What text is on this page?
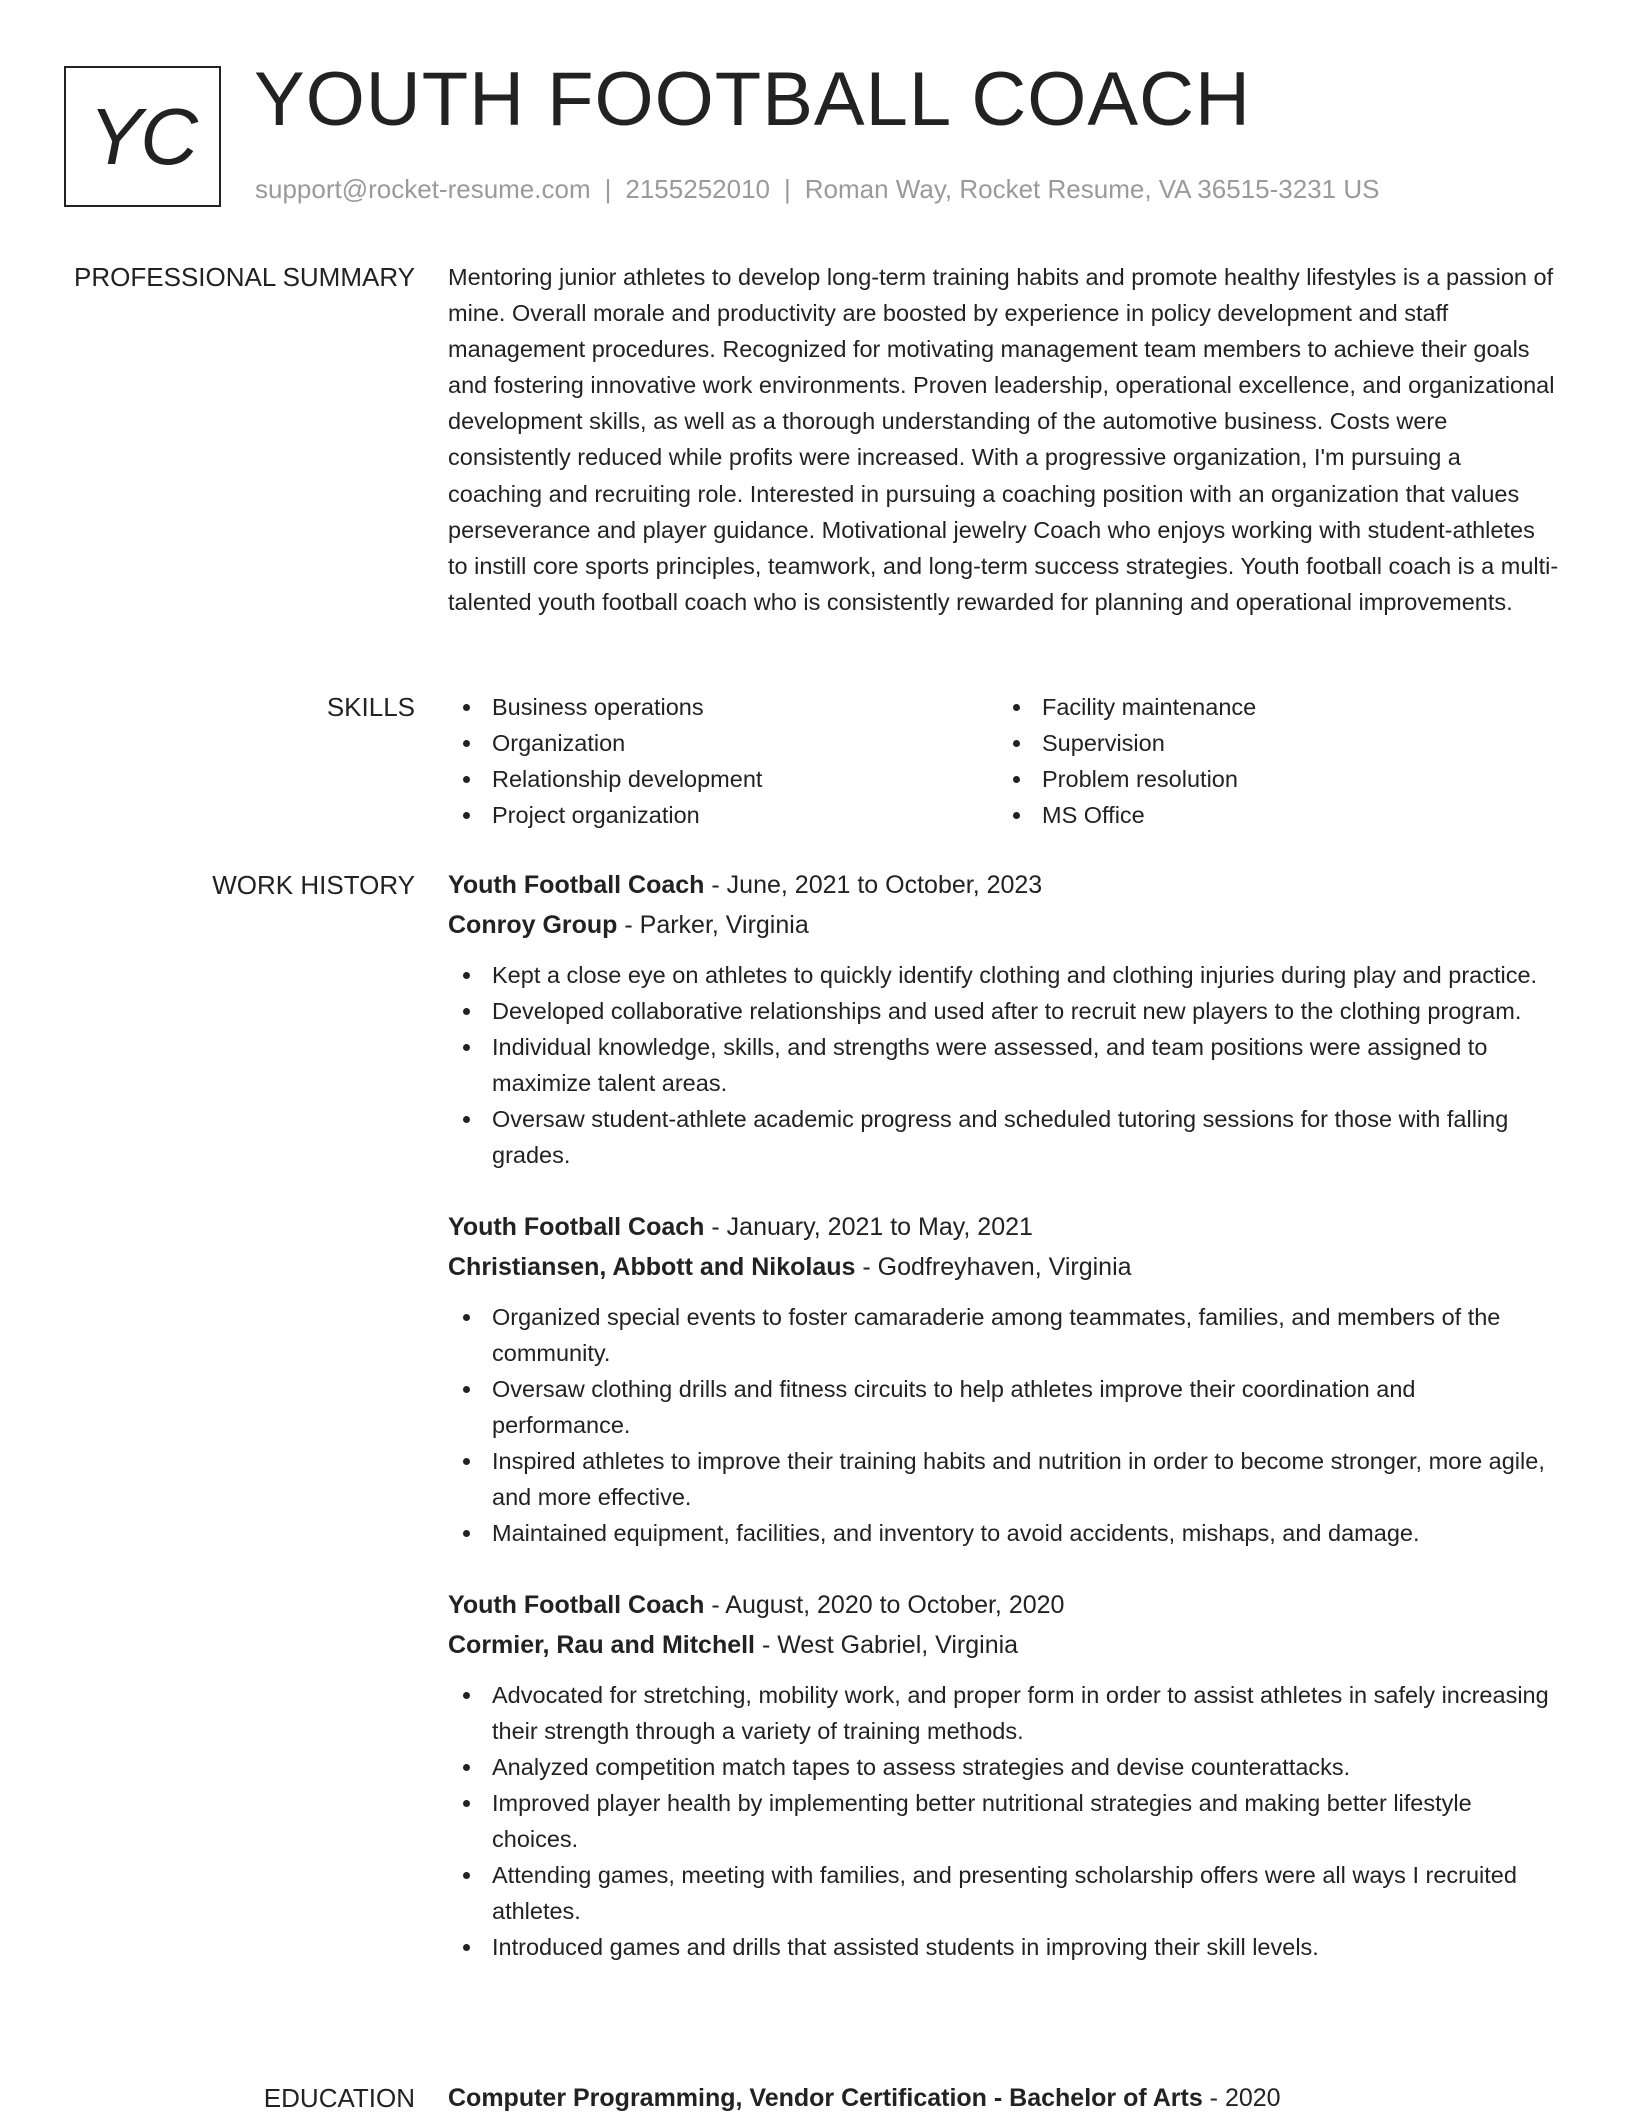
YC YOUTH FOOTBALL COACH
support@rocket-resume.com | 2155252010 | Roman Way, Rocket Resume, VA 36515-3231 US
PROFESSIONAL SUMMARY Mentoring junior athletes to develop long-term training habits and promote healthy lifestyles is a passion of mine. Overall morale and productivity are boosted by experience in policy development and staff management procedures. Recognized for motivating management team members to achieve their goals and fostering innovative work environments. Proven leadership, operational excellence, and organizational development skills, as well as a thorough understanding of the automotive business. Costs were consistently reduced while profits were increased. With a progressive organization, I'm pursuing a coaching and recruiting role. Interested in pursuing a coaching position with an organization that values perseverance and player guidance. Motivational jewelry Coach who enjoys working with student-athletes to instill core sports principles, teamwork, and long-term success strategies. Youth football coach is a multi-talented youth football coach who is consistently rewarded for planning and operational improvements.

SKILLS	Business operations
Organization
Relationship development
Project organization
Facility maintenance
Supervision
Problem resolution
MS Office
WORK HISTORY Youth Football Coach - June, 2021 to October, 2023
Conroy Group - Parker, Virginia
Kept a close eye on athletes to quickly identify clothing and clothing injuries during play and practice.
Developed collaborative relationships and used after to recruit new players to the clothing program.
Individual knowledge, skills, and strengths were assessed, and team positions were assigned to maximize talent areas.
Oversaw student-athlete academic progress and scheduled tutoring sessions for those with falling grades.
Youth Football Coach - January, 2021 to May, 2021
Christiansen, Abbott and Nikolaus - Godfreyhaven, Virginia
Organized special events to foster camaraderie among teammates, families, and members of the community.
Oversaw clothing drills and fitness circuits to help athletes improve their coordination and performance.
Inspired athletes to improve their training habits and nutrition in order to become stronger, more agile, and more effective.
Maintained equipment, facilities, and inventory to avoid accidents, mishaps, and damage.
Youth Football Coach - August, 2020 to October, 2020
Cormier, Rau and Mitchell - West Gabriel, Virginia
Advocated for stretching, mobility work, and proper form in order to assist athletes in safely increasing their strength through a variety of training methods.
Analyzed competition match tapes to assess strategies and devise counterattacks.
Improved player health by implementing better nutritional strategies and making better lifestyle choices.
Attending games, meeting with families, and presenting scholarship offers were all ways I recruited athletes.
Introduced games and drills that assisted students in improving their skill levels.
EDUCATION Computer Programming, Vendor Certification - Bachelor of Arts - 2020
